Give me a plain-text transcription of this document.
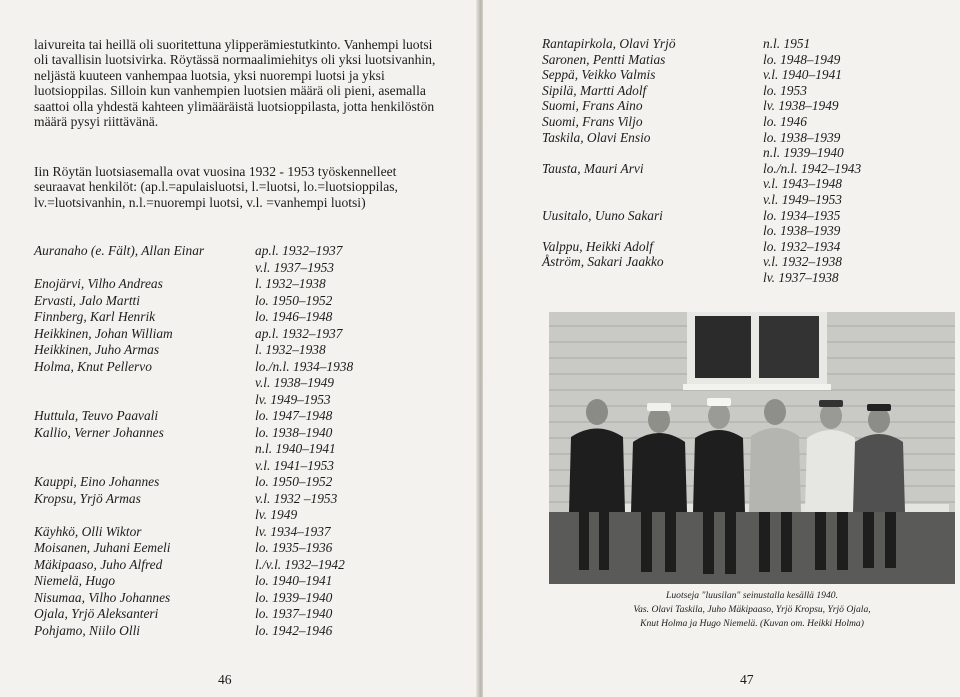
laivureita tai heillä oli suoritettuna ylipperämiestutkinto. Vanhempi luotsi oli tavallisin luotsivirka. Röytässä normaalimiehitys oli yksi luotsivanhin, neljästä kuuteen vanhempaa luotsia, yksi nuorempi luotsi ja yksi luotsioppilas. Silloin kun vanhempien luotsien määrä oli pieni, asemalla saattoi olla yhdestä kahteen ylimääräistä luotsioppilasta, jotta henkilöstön määrä pysyi riittävänä.

Iin Röytän luotsiasemalla ovat vuosina 1932 - 1953 työskennelleet seuraavat henkilöt: (ap.l.=apulaisluotsi, l.=luotsi, lo.=luotsioppilas, lv.=luotsivanhin, n.l.=nuorempi luotsi, v.l. =vanhempi luotsi)

Auranaho (e. Fält), Allan Einar	ap.l. 1932–1937
v.l. 1937–1953
Enojärvi, Vilho Andreas	l. 1932–1938
Ervasti, Jalo Martti	lo. 1950–1952
Finnberg, Karl Henrik	lo. 1946–1948
Heikkinen, Johan William	ap.l. 1932–1937
Heikkinen, Juho Armas	l. 1932–1938
Holma, Knut Pellervo	lo./n.l. 1934–1938
v.l. 1938–1949
lv. 1949–1953
Huttula, Teuvo Paavali	lo. 1947–1948
Kallio, Verner Johannes	lo. 1938–1940
n.l. 1940–1941
v.l. 1941–1953
Kauppi, Eino Johannes	lo. 1950–1952
Kropsu, Yrjö Armas	v.l. 1932 –1953
lv. 1949
Käyhkö, Olli Wiktor	lv. 1934–1937
Moisanen, Juhani Eemeli	lo. 1935–1936
Mäkipaaso, Juho Alfred	l./v.l. 1932–1942
Niemelä, Hugo	lo. 1940–1941
Nisumaa, Vilho Johannes	lo. 1939–1940
Ojala, Yrjö Aleksanteri	lo. 1937–1940
Pohjamo, Niilo Olli	lo. 1942–1946
46
Rantapirkola, Olavi Yrjö	n.l. 1951
Saronen, Pentti Matias	lo. 1948–1949
Seppä, Veikko Valmis	v.l. 1940–1941
Sipilä, Martti Adolf	lo. 1953
Suomi, Frans Aino	lv. 1938–1949
Suomi, Frans Viljo	lo. 1946
Taskila, Olavi Ensio	lo. 1938–1939
n.l. 1939–1940
Tausta, Mauri Arvi	lo./n.l. 1942–1943
v.l. 1943–1948
v.l. 1949–1953
Uusitalo, Uuno Sakari	lo. 1934–1935
lo. 1938–1939
Valppu, Heikki Adolf	lo. 1932–1934
Åström, Sakari Jaakko	v.l. 1932–1938
lv. 1937–1938
Luotseja "luusilan" seinustalla kesällä 1940.
Vas. Olavi Taskila, Juho Mäkipaaso, Yrjö Kropsu, Yrjö Ojala,
Knut Holma ja Hugo Niemelä. (Kuvan om. Heikki Holma)
47
